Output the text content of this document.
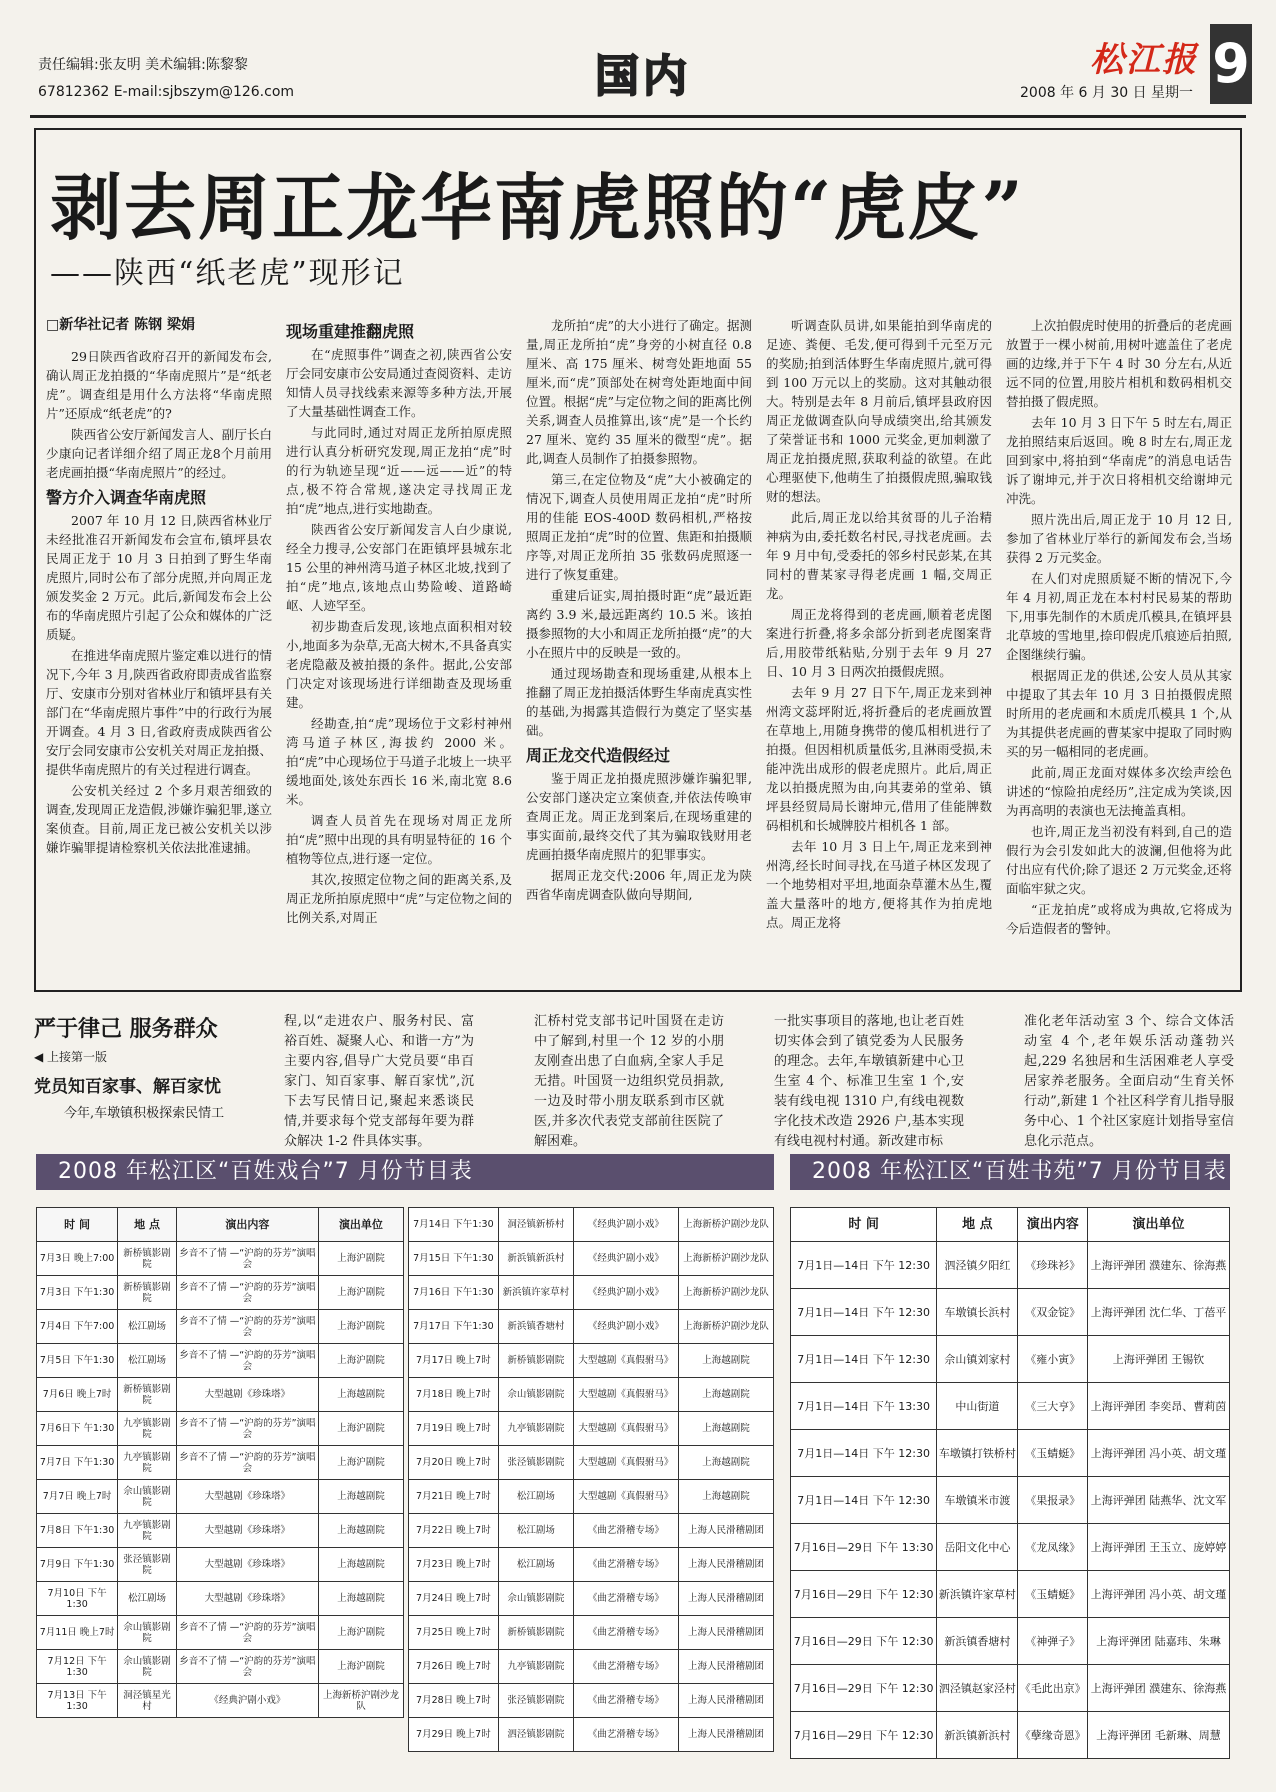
责任编辑:张友明 美术编辑:陈黎黎
67812362 E-mail:sjbszym@126.com	国内	松江报
2008 年 6 月 30 日 星期一 9
剥去周正龙华南虎照的“虎皮”
——陕西“纸老虎”现形记
□新华社记者 陈钢 梁娟

29日陕西省政府召开的新闻发布会,确认周正龙拍摄的“华南虎照片”是“纸老虎”。调查组是用什么方法将“华南虎照片”还原成“纸老虎”的?

陕西省公安厅新闻发言人、副厅长白少康向记者详细介绍了周正龙8个月前用老虎画拍摄“华南虎照片”的经过。

警方介入调查华南虎照

2007 年 10 月 12 日,陕西省林业厅未经批准召开新闻发布会宣布,镇坪县农民周正龙于 10 月 3 日拍到了野生华南虎照片,同时公布了部分虎照,并向周正龙颁发奖金 2 万元。此后,新闻发布会上公布的华南虎照片引起了公众和媒体的广泛质疑。

在推进华南虎照片鉴定难以进行的情况下,今年 3 月,陕西省政府即责成省监察厅、安康市分别对省林业厅和镇坪县有关部门在“华南虎照片事件”中的行政行为展开调查。4 月 3 日,省政府责成陕西省公安厅会同安康市公安机关对周正龙拍摄、提供华南虎照片的有关过程进行调查。

公安机关经过 2 个多月艰苦细致的调查,发现周正龙造假,涉嫌诈骗犯罪,遂立案侦查。目前,周正龙已被公安机关以涉嫌诈骗罪提请检察机关依法批准逮捕。

现场重建推翻虎照

在“虎照事件”调查之初,陕西省公安厅会同安康市公安局通过查阅资料、走访知情人员寻找线索来源等多种方法,开展了大量基础性调查工作。

与此同时,通过对周正龙所拍原虎照进行认真分析研究发现,周正龙拍“虎”时的行为轨迹呈现“近——远——近”的特点,极不符合常规,遂决定寻找周正龙拍“虎”地点,进行实地勘查。

陕西省公安厅新闻发言人白少康说,经全力搜寻,公安部门在距镇坪县城东北 15 公里的神州湾马道子林区北坡,找到了拍“虎”地点,该地点山势险峻、道路崎岖、人迹罕至。

初步勘查后发现,该地点面积相对较小,地面多为杂草,无高大树木,不具备真实老虎隐蔽及被拍摄的条件。据此,公安部门决定对该现场进行详细勘查及现场重建。

经勘查,拍“虎”现场位于文彩村神州湾马道子林区,海拔约 2000 米。拍“虎”中心现场位于马道子北坡上一块平缓地面处,该处东西长 16 米,南北宽 8.6 米。

调查人员首先在现场对周正龙所拍“虎”照中出现的具有明显特征的 16 个植物等位点,进行逐一定位。

其次,按照定位物之间的距离关系,及周正龙所拍原虎照中“虎”与定位物之间的比例关系,对周正

龙所拍“虎”的大小进行了确定。据测量,周正龙所拍“虎”身旁的小树直径 0.8 厘米、高 175 厘米、树弯处距地面 55 厘米,而“虎”顶部处在树弯处距地面中间位置。根据“虎”与定位物之间的距离比例关系,调查人员推算出,该“虎”是一个长约 27 厘米、宽约 35 厘米的微型“虎”。据此,调查人员制作了拍摄参照物。

第三,在定位物及“虎”大小被确定的情况下,调查人员使用周正龙拍“虎”时所用的佳能 EOS-400D 数码相机,严格按照周正龙拍“虎”时的位置、焦距和拍摄顺序等,对周正龙所拍 35 张数码虎照逐一进行了恢复重建。

重建后证实,周拍摄时距“虎”最近距离约 3.9 米,最远距离约 10.5 米。该拍摄参照物的大小和周正龙所拍摄“虎”的大小在照片中的反映是一致的。

通过现场勘查和现场重建,从根本上推翻了周正龙拍摄活体野生华南虎真实性的基础,为揭露其造假行为奠定了坚实基础。

周正龙交代造假经过

鉴于周正龙拍摄虎照涉嫌诈骗犯罪,公安部门遂决定立案侦查,并依法传唤审查周正龙。周正龙到案后,在现场重建的事实面前,最终交代了其为骗取钱财用老虎画拍摄华南虎照片的犯罪事实。

据周正龙交代:2006 年,周正龙为陕西省华南虎调查队做向导期间,

听调查队员讲,如果能拍到华南虎的足迹、粪便、毛发,便可得到千元至万元的奖励;拍到活体野生华南虎照片,就可得到 100 万元以上的奖励。这对其触动很大。特别是去年 8 月前后,镇坪县政府因周正龙做调查队向导成绩突出,给其颁发了荣誉证书和 1000 元奖金,更加刺激了周正龙拍摄虎照,获取利益的欲望。在此心理驱使下,他萌生了拍摄假虎照,骗取钱财的想法。

此后,周正龙以给其贫哥的儿子治精神病为由,委托数名村民,寻找老虎画。去年 9 月中旬,受委托的邻乡村民彭某,在其同村的曹某家寻得老虎画 1 幅,交周正龙。

周正龙将得到的老虎画,顺着老虎图案进行折叠,将多余部分折到老虎图案背后,用胶带纸粘贴,分别于去年 9 月 27 日、10 月 3 日两次拍摄假虎照。

去年 9 月 27 日下午,周正龙来到神州湾文蕊坪附近,将折叠后的老虎画放置在草地上,用随身携带的傻瓜相机进行了拍摄。但因相机质量低劣,且淋雨受损,未能冲洗出成形的假老虎照片。此后,周正龙以拍摄虎照为由,向其妻弟的堂弟、镇坪县经贸局局长谢坤元,借用了佳能牌数码相机和长城牌胶片相机各 1 部。

去年 10 月 3 日上午,周正龙来到神州湾,经长时间寻找,在马道子林区发现了一个地势相对平坦,地面杂草灌木丛生,覆盖大量落叶的地方,便将其作为拍虎地点。周正龙将

上次拍假虎时使用的折叠后的老虎画放置于一棵小树前,用树叶遮盖住了老虎画的边缘,并于下午 4 时 30 分左右,从近远不同的位置,用胶片相机和数码相机交替拍摄了假虎照。

去年 10 月 3 日下午 5 时左右,周正龙拍照结束后返回。晚 8 时左右,周正龙回到家中,将拍到“华南虎”的消息电话告诉了谢坤元,并于次日将相机交给谢坤元冲洗。

照片洗出后,周正龙于 10 月 12 日,参加了省林业厅举行的新闻发布会,当场获得 2 万元奖金。

在人们对虎照质疑不断的情况下,今年 4 月初,周正龙在本村村民易某的帮助下,用事先制作的木质虎爪模具,在镇坪县北草坡的雪地里,捺印假虎爪痕迹后拍照,企图继续行骗。

根据周正龙的供述,公安人员从其家中提取了其去年 10 月 3 日拍摄假虎照时所用的老虎画和木质虎爪模具 1 个,从为其提供老虎画的曹某家中提取了同时购买的另一幅相同的老虎画。

此前,周正龙面对媒体多次绘声绘色讲述的“惊险拍虎经历”,注定成为笑谈,因为再高明的表演也无法掩盖真相。

也许,周正龙当初没有料到,自己的造假行为会引发如此大的波澜,但他将为此付出应有代价;除了退还 2 万元奖金,还将面临牢狱之灾。

“正龙拍虎”或将成为典故,它将成为今后造假者的警钟。

严于律己 服务群众
◀ 上接第一版
党员知百家事、解百家忧
今年,车墩镇积极探索民情工
程,以“走进农户、服务村民、富裕百姓、凝聚人心、和谐一方”为主要内容,倡导广大党员要“串百家门、知百家事、解百家忧”,沉下去写民情日记,聚起来悉谈民情,并要求每个党支部每年要为群众解决 1-2 件具体实事。
汇桥村党支部书记叶国贤在走访中了解到,村里一个 12 岁的小朋友刚查出患了白血病,全家人手足无措。叶国贤一边组织党员捐款,一边及时带小朋友联系到市区就医,并多次代表党支部前往医院了解困难。
一批实事项目的落地,也让老百姓切实体会到了镇党委为人民服务的理念。去年,车墩镇新建中心卫生室 4 个、标准卫生室 1 个,安装有线电视 1310 户,有线电视数字化技术改造 2926 户,基本实现有线电视村村通。新改建市标
准化老年活动室 3 个、综合文体活动室 4 个,老年娱乐活动蓬勃兴起,229 名独居和生活困难老人享受居家养老服务。全面启动“生育关怀行动”,新建 1 个社区科学育儿指导服务中心、1 个社区家庭计划指导室信息化示范点。
2008 年松江区“百姓戏台”7 月份节目表	2008 年松江区“百姓书苑”7 月份节目表
时 间	地 点	演出内容	演出单位
7月3日 晚上7:00	新桥镇影剧院	乡音不了情 —“沪韵的芬芳”演唱会	上海沪剧院
7月3日 下午1:30	新桥镇影剧院	乡音不了情 —“沪韵的芬芳”演唱会	上海沪剧院
7月4日 下午7:00	松江剧场	乡音不了情 —“沪韵的芬芳”演唱会	上海沪剧院
7月5日 下午1:30	松江剧场	乡音不了情 —“沪韵的芬芳”演唱会	上海沪剧院
7月6日 晚上7时	新桥镇影剧院	大型越剧《珍珠塔》	上海越剧院
7月6日下 午1:30	九亭镇影剧院	乡音不了情 —“沪韵的芬芳”演唱会	上海沪剧院
7月7日 下午1:30	九亭镇影剧院	乡音不了情 —“沪韵的芬芳”演唱会	上海沪剧院
7月7日 晚上7时	佘山镇影剧院	大型越剧《珍珠塔》	上海越剧院
7月8日 下午1:30	九亭镇影剧院	大型越剧《珍珠塔》	上海越剧院
7月9日 下午1:30	张泾镇影剧院	大型越剧《珍珠塔》	上海越剧院
7月10日 下午1:30	松江剧场	大型越剧《珍珠塔》	上海越剧院
7月11日 晚上7时	佘山镇影剧院	乡音不了情 —“沪韵的芬芳”演唱会	上海沪剧院
7月12日 下午1:30	佘山镇影剧院	乡音不了情 —“沪韵的芬芳”演唱会	上海沪剧院
7月13日 下午1:30	洞泾镇星光村	《经典沪剧小戏》	上海新桥沪剧沙龙队
7月14日 下午1:30	洞泾镇新桥村	《经典沪剧小戏》	上海新桥沪剧沙龙队
7月15日 下午1:30	新浜镇新浜村	《经典沪剧小戏》	上海新桥沪剧沙龙队
7月16日 下午1:30	新浜镇许家草村	《经典沪剧小戏》	上海新桥沪剧沙龙队
7月17日 下午1:30	新浜镇香塘村	《经典沪剧小戏》	上海新桥沪剧沙龙队
7月17日 晚上7时	新桥镇影剧院	大型越剧《真假驸马》	上海越剧院
7月18日 晚上7时	佘山镇影剧院	大型越剧《真假驸马》	上海越剧院
7月19日 晚上7时	九亭镇影剧院	大型越剧《真假驸马》	上海越剧院
7月20日 晚上7时	张泾镇影剧院	大型越剧《真假驸马》	上海越剧院
7月21日 晚上7时	松江剧场	大型越剧《真假驸马》	上海越剧院
7月22日 晚上7时	松江剧场	《曲艺滑稽专场》	上海人民滑稽剧团
7月23日 晚上7时	松江剧场	《曲艺滑稽专场》	上海人民滑稽剧团
7月24日 晚上7时	佘山镇影剧院	《曲艺滑稽专场》	上海人民滑稽剧团
7月25日 晚上7时	新桥镇影剧院	《曲艺滑稽专场》	上海人民滑稽剧团
7月26日 晚上7时	九亭镇影剧院	《曲艺滑稽专场》	上海人民滑稽剧团
7月28日 晚上7时	张泾镇影剧院	《曲艺滑稽专场》	上海人民滑稽剧团
7月29日 晚上7时	泗泾镇影剧院	《曲艺滑稽专场》	上海人民滑稽剧团
时 间	地 点	演出内容	演出单位
7月1日—14日 下午 12:30	泗泾镇夕阳红	《珍珠衫》	上海评弹团 濮建东、徐海燕
7月1日—14日 下午 12:30	车墩镇长浜村	《双金锭》	上海评弹团 沈仁华、丁蓓平
7月1日—14日 下午 12:30	佘山镇刘家村	《雍小寅》	上海评弹团 王锡钦
7月1日—14日 下午 13:30	中山街道	《三大亨》	上海评弹团 李奕昂、曹莉茵
7月1日—14日 下午 12:30	车墩镇打铁桥村	《玉蜻蜓》	上海评弹团 冯小英、胡文瑾
7月1日—14日 下午 12:30	车墩镇米市渡	《果报录》	上海评弹团 陆燕华、沈文军
7月16日—29日 下午 13:30	岳阳文化中心	《龙凤缘》	上海评弹团 王玉立、庞婷婷
7月16日—29日 下午 12:30	新浜镇许家草村	《玉蜻蜓》	上海评弹团 冯小英、胡文瑾
7月16日—29日 下午 12:30	新浜镇香塘村	《神弹子》	上海评弹团 陆嘉玮、朱琳
7月16日—29日 下午 12:30	泗泾镇赵家泾村	《毛此出京》	上海评弹团 濮建东、徐海燕
7月16日—29日 下午 12:30	新浜镇新浜村	《孽缘奇恩》	上海评弹团 毛新琳、周慧
